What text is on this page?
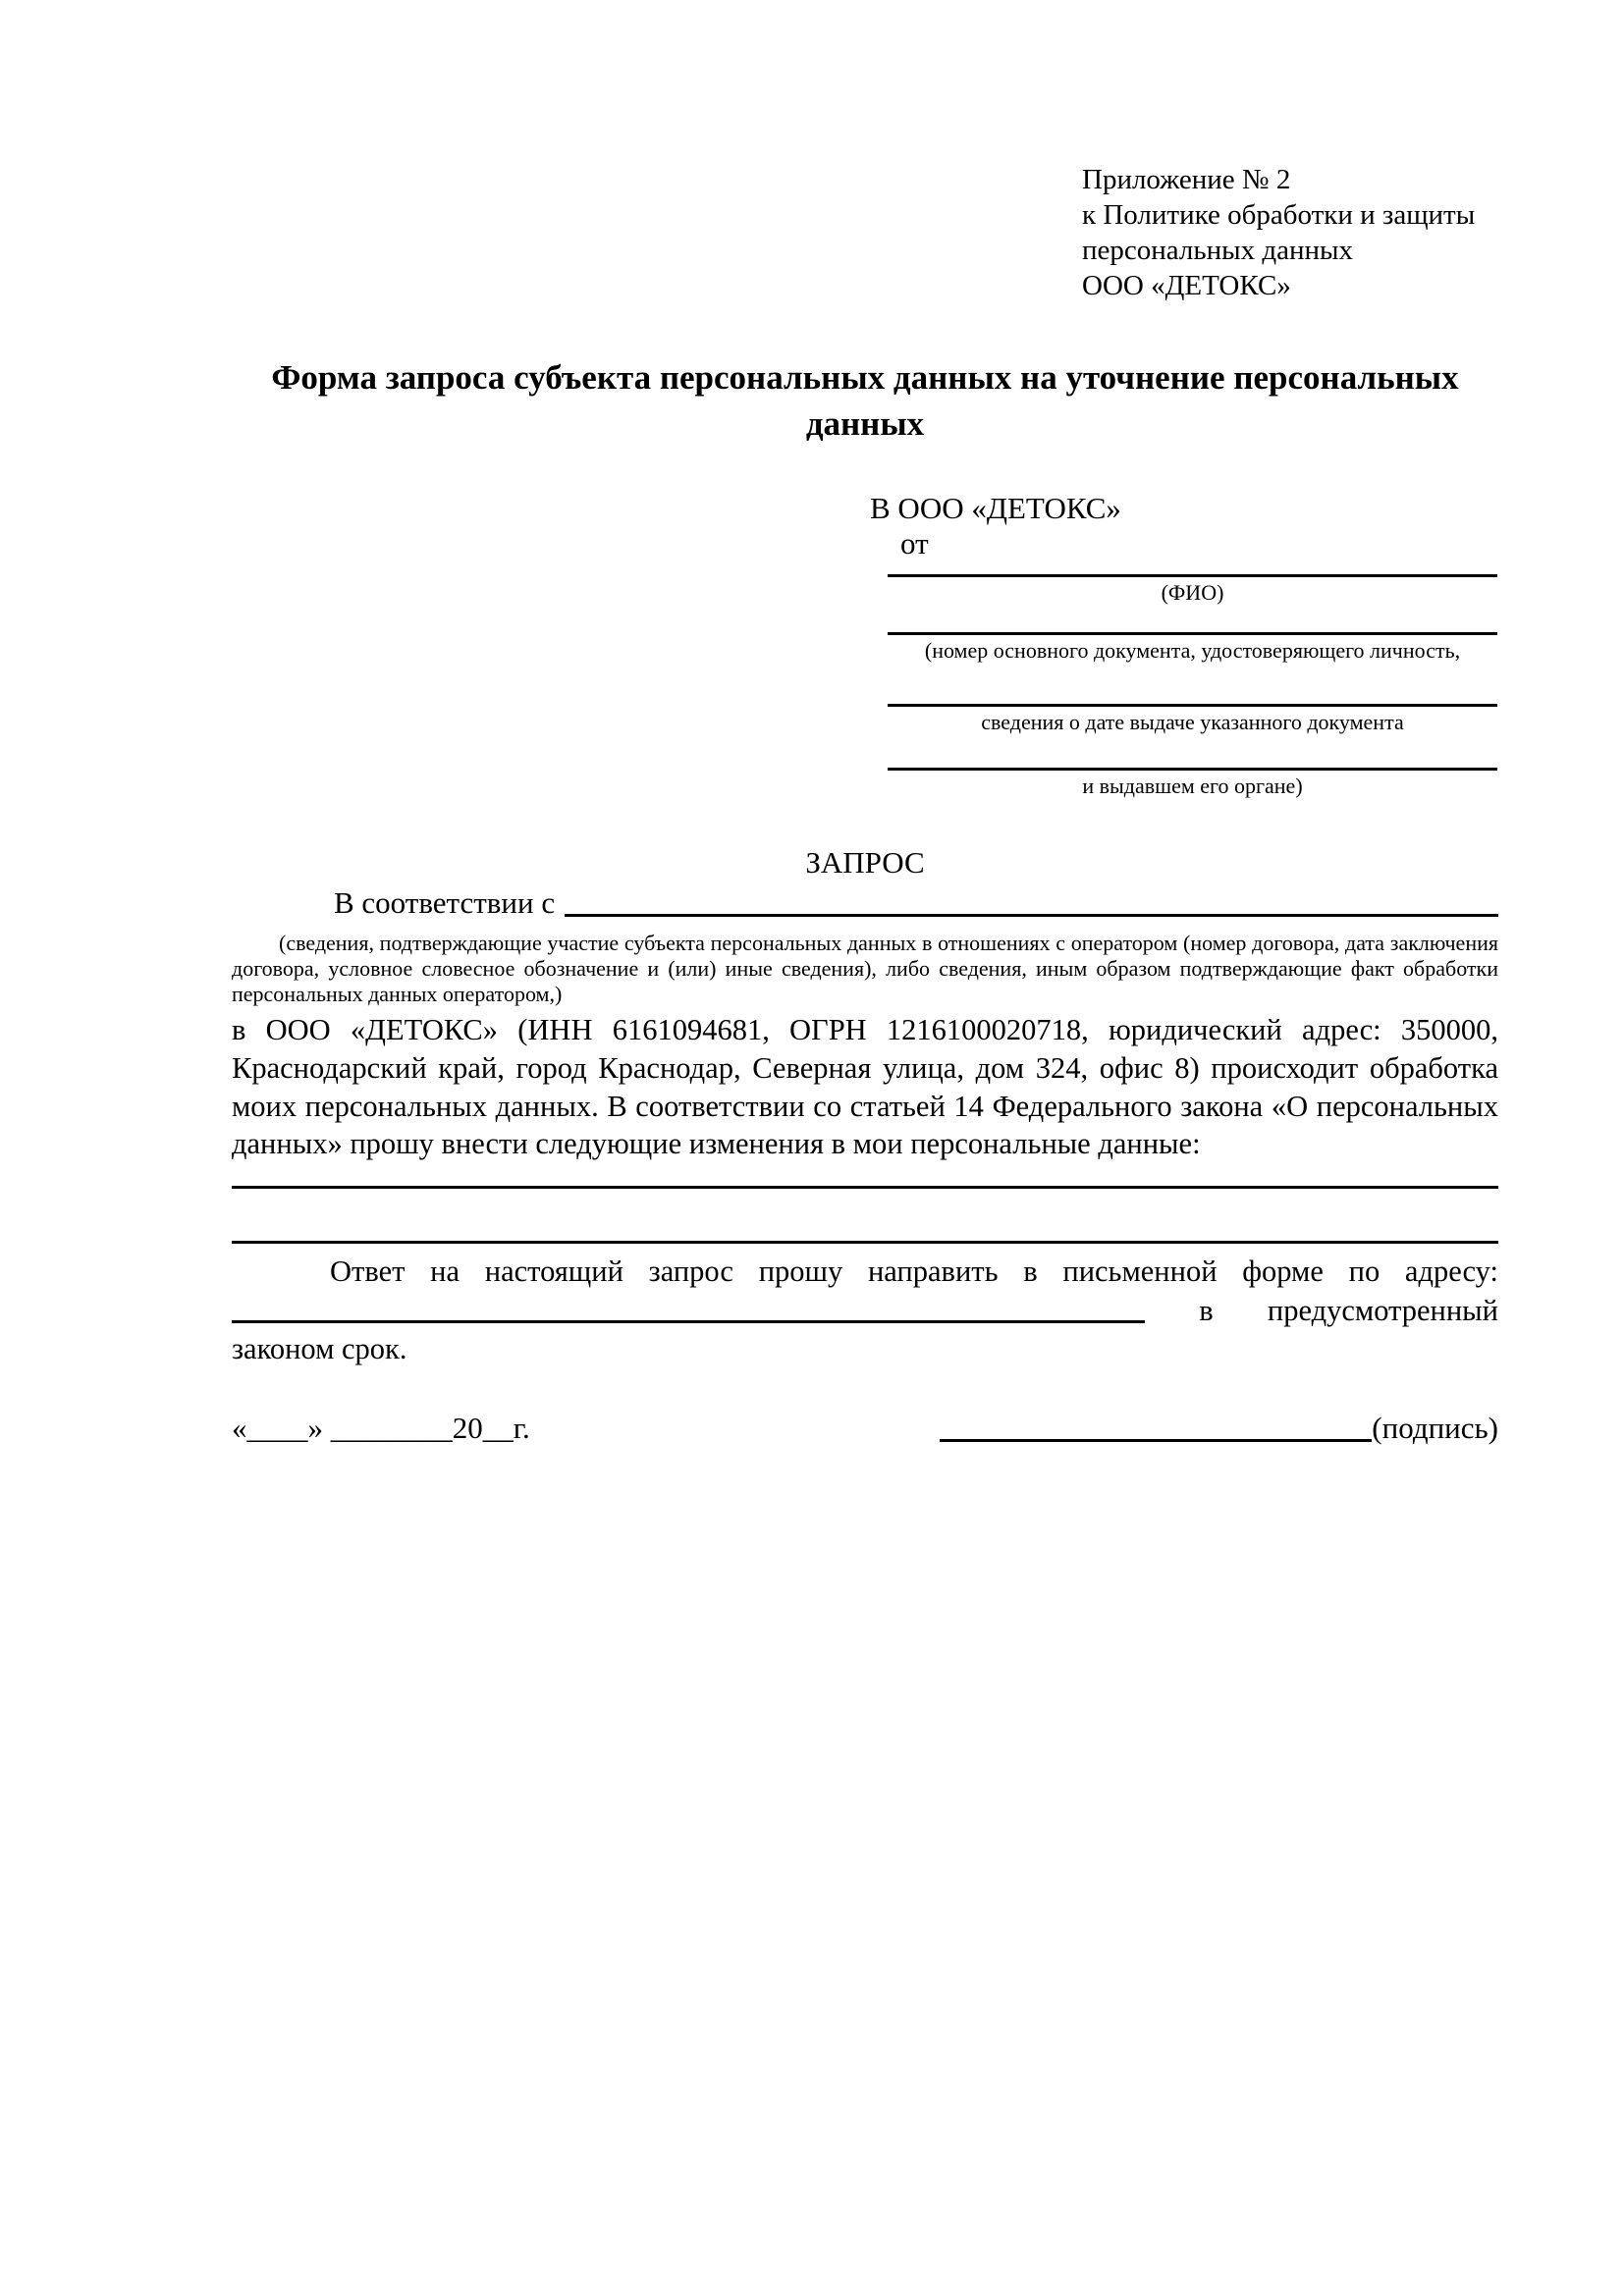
Приложение № 2
к Политике обработки и защиты
персональных данных
ООО «ДЕТОКС»
Форма запроса субъекта персональных данных на уточнение персональных данных
В ООО «ДЕТОКС»
от
(ФИО)
(номер основного документа, удостоверяющего личность,
сведения о дате выдаче указанного документа
и выдавшем его органе)
ЗАПРОС
В соответствии с
(сведения, подтверждающие участие субъекта персональных данных в отношениях с оператором (номер договора, дата заключения договора, условное словесное обозначение и (или) иные сведения), либо сведения, иным образом подтверждающие факт обработки персональных данных оператором,)
в ООО «ДЕТОКС» (ИНН 6161094681, ОГРН 1216100020718, юридический адрес: 350000, Краснодарский край, город Краснодар, Северная улица, дом 324, офис 8) происходит обработка моих персональных данных. В соответствии со статьей 14 Федерального закона «О персональных данных» прошу внести следующие изменения в мои персональные данные:
Ответ на настоящий запрос прошу направить в письменной форме по адресу:
в предусмотренный
законом срок.
«____» ________20__г.	(подпись)
